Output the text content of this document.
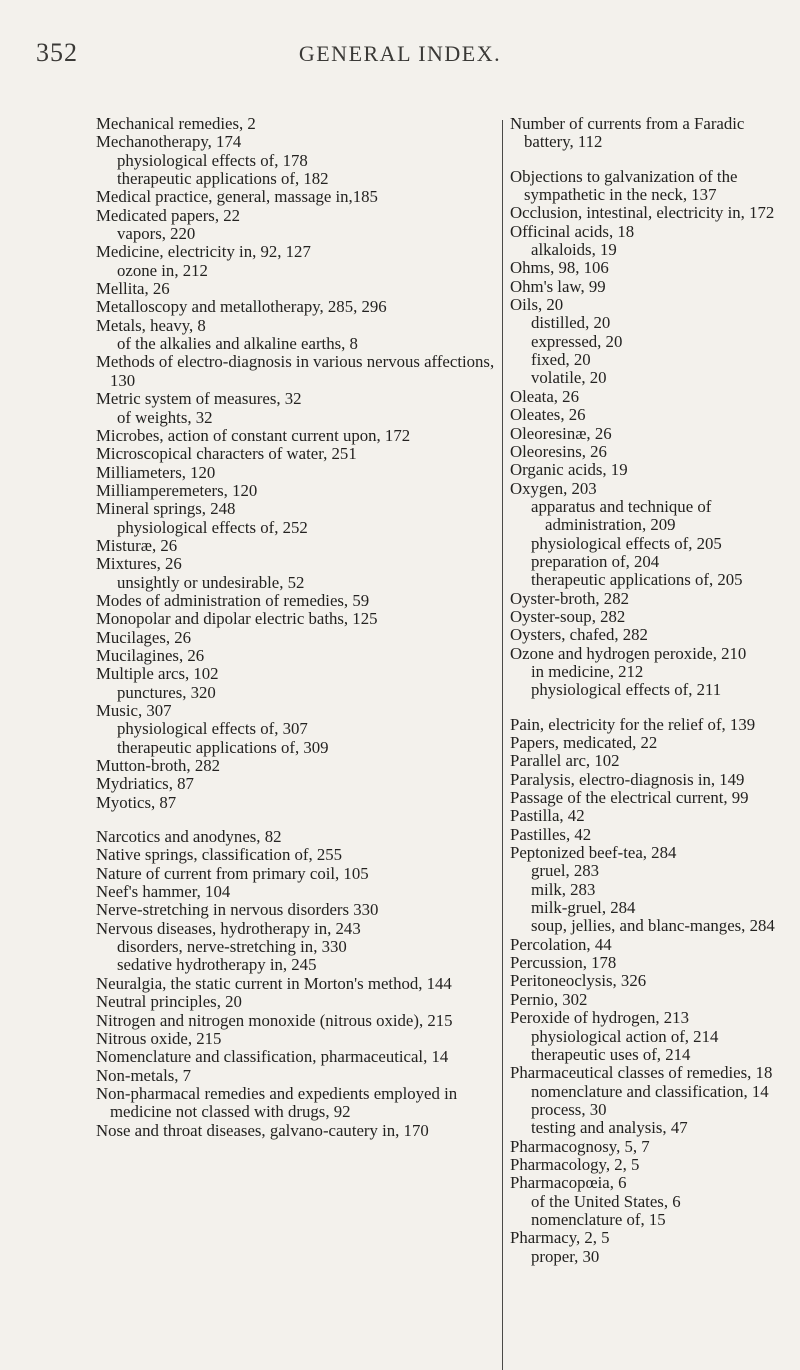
352	GENERAL INDEX.

Mechanical remedies, 2

Mechanotherapy, 174

physiological effects of, 178

therapeutic applications of, 182

Medical practice, general, massage in,185

Medicated papers, 22

vapors, 220

Medicine, electricity in, 92, 127

ozone in, 212

Mellita, 26

Metalloscopy and metallotherapy, 285, 296

Metals, heavy, 8

of the alkalies and alkaline earths, 8

Methods of electro-diagnosis in various nervous affections, 130

Metric system of measures, 32

of weights, 32

Microbes, action of constant current upon, 172

Microscopical characters of water, 251

Milliameters, 120

Milliamperemeters, 120

Mineral springs, 248

physiological effects of, 252

Misturæ, 26

Mixtures, 26

unsightly or undesirable, 52

Modes of administration of remedies, 59

Monopolar and dipolar electric baths, 125

Mucilages, 26

Mucilagines, 26

Multiple arcs, 102

punctures, 320

Music, 307

physiological effects of, 307

therapeutic applications of, 309

Mutton-broth, 282

Mydriatics, 87

Myotics, 87

Narcotics and anodynes, 82

Native springs, classification of, 255

Nature of current from primary coil, 105

Neef's hammer, 104

Nerve-stretching in nervous disorders 330

Nervous diseases, hydrotherapy in, 243

disorders, nerve-stretching in, 330

sedative hydrotherapy in, 245

Neuralgia, the static current in Morton's method, 144

Neutral principles, 20

Nitrogen and nitrogen monoxide (nitrous oxide), 215

Nitrous oxide, 215

Nomenclature and classification, pharmaceutical, 14

Non-metals, 7

Non-pharmacal remedies and expedients employed in medicine not classed with drugs, 92

Nose and throat diseases, galvano-cautery in, 170

Number of currents from a Faradic battery, 112

Objections to galvanization of the sympathetic in the neck, 137

Occlusion, intestinal, electricity in, 172

Officinal acids, 18

alkaloids, 19

Ohms, 98, 106

Ohm's law, 99

Oils, 20

distilled, 20

expressed, 20

fixed, 20

volatile, 20

Oleata, 26

Oleates, 26

Oleoresinæ, 26

Oleoresins, 26

Organic acids, 19

Oxygen, 203

apparatus and technique of administration, 209

physiological effects of, 205

preparation of, 204

therapeutic applications of, 205

Oyster-broth, 282

Oyster-soup, 282

Oysters, chafed, 282

Ozone and hydrogen peroxide, 210

in medicine, 212

physiological effects of, 211

Pain, electricity for the relief of, 139

Papers, medicated, 22

Parallel arc, 102

Paralysis, electro-diagnosis in, 149

Passage of the electrical current, 99

Pastilla, 42

Pastilles, 42

Peptonized beef-tea, 284

gruel, 283

milk, 283

milk-gruel, 284

soup, jellies, and blanc-manges, 284

Percolation, 44

Percussion, 178

Peritoneoclysis, 326

Pernio, 302

Peroxide of hydrogen, 213

physiological action of, 214

therapeutic uses of, 214

Pharmaceutical classes of remedies, 18

nomenclature and classification, 14

process, 30

testing and analysis, 47

Pharmacognosy, 5, 7

Pharmacology, 2, 5

Pharmacopœia, 6

of the United States, 6

nomenclature of, 15

Pharmacy, 2, 5

proper, 30
